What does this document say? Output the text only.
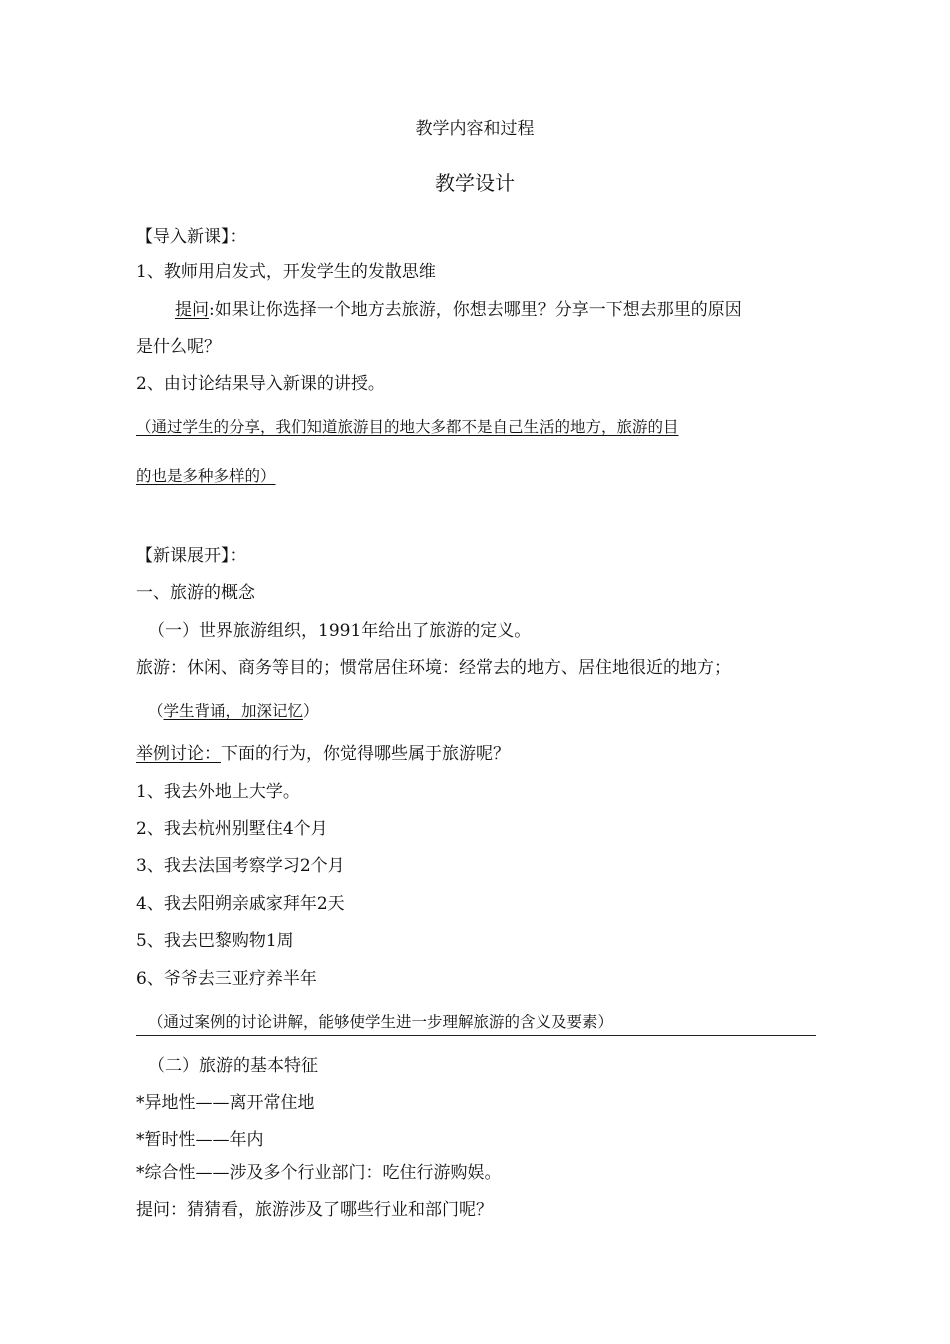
教学内容和过程
教学设计
【导入新课】：
1、教师用启发式，开发学生的发散思维
提问:如果让你选择一个地方去旅游，你想去哪里？分享一下想去那里的原因
是什么呢？
2、由讨论结果导入新课的讲授。
（通过学生的分享，我们知道旅游目的地大多都不是自己生活的地方，旅游的目
的也是多种多样的）
【新课展开】：
一、旅游的概念
（一）世界旅游组织，1991年给出了旅游的定义。
旅游：休闲、商务等目的；惯常居住环境：经常去的地方、居住地很近的地方；
（学生背诵，加深记忆）
举例讨论：下面的行为，你觉得哪些属于旅游呢？
1、我去外地上大学。
2、我去杭州别墅住4个月
3、我去法国考察学习2个月
4、我去阳朔亲戚家拜年2天
5、我去巴黎购物1周
6、爷爷去三亚疗养半年
（通过案例的讨论讲解，能够使学生进一步理解旅游的含义及要素）
（二）旅游的基本特征
*异地性——离开常住地
*暂时性——年内
*综合性——涉及多个行业部门：吃住行游购娱。
提问：猜猜看，旅游涉及了哪些行业和部门呢？
